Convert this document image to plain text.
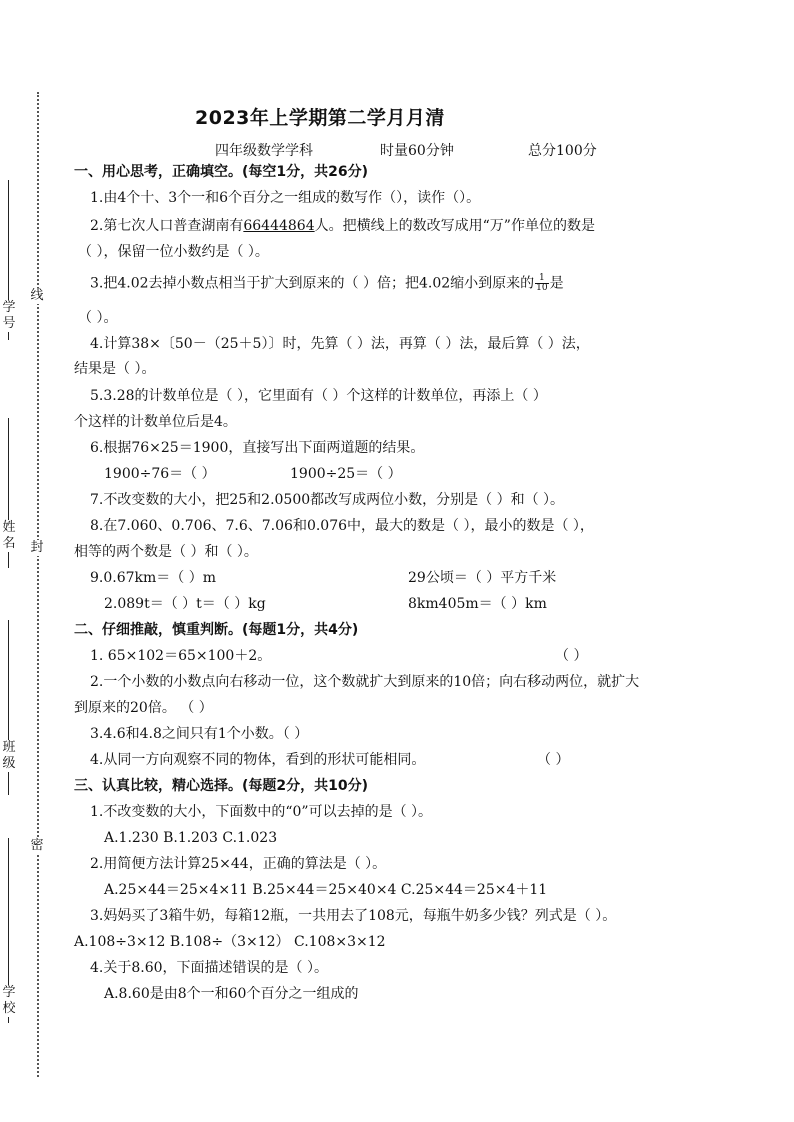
线
封
密
学号
姓名
班级
学校
2023年上学期第二学月月清
四年级数学学科	时量60分钟	总分100分
一、用心思考，正确填空。(每空1分，共26分)
1.由4个十、3个一和6个百分之一组成的数写作（），读作（）。
2.第七次人口普查湖南有66444864人。把横线上的数改写成用“万”作单位的数是
（ ），保留一位小数约是（ ）。
3.把4.02去掉小数点相当于扩大到原来的（ ）倍；把4.02缩小到原来的 $\frac{1}{10}$ 是
（ ）。
4.计算38×〔50－（25＋5）〕时，先算（ ）法，再算（ ）法，最后算（ ）法，
结果是（ ）。
5.3.28的计数单位是（ ），它里面有（ ）个这样的计数单位，再添上（ ）
个这样的计数单位后是4。
6.根据76×25＝1900，直接写出下面两道题的结果。
1900÷76＝（ ）	1900÷25＝（ ）
7.不改变数的大小，把25和2.0500都改写成两位小数，分别是（ ）和（ ）。
8.在7.060、0.706、7.6、7.06和0.076中，最大的数是（ ），最小的数是（ ），
相等的两个数是（ ）和（ ）。
9.0.67km＝（ ）m	29公顷＝（ ）平方千米
2.089t＝（ ）t＝（ ）kg	8km405m＝（ ）km
二、仔细推敲，慎重判断。(每题1分，共4分)
1. 65×102＝65×100＋2。	（ ）
2.一个小数的小数点向右移动一位，这个数就扩大到原来的10倍；向右移动两位，就扩大
到原来的20倍。 （ ）
3.4.6和4.8之间只有1个小数。（ ）
4.从同一方向观察不同的物体，看到的形状可能相同。	（ ）
三、认真比较，精心选择。(每题2分，共10分)
1.不改变数的大小，下面数中的“0”可以去掉的是（ ）。
A.1.230 B.1.203 C.1.023
2.用简便方法计算25×44，正确的算法是（ ）。
A.25×44＝25×4×11 B.25×44＝25×40×4 C.25×44＝25×4＋11
3.妈妈买了3箱牛奶，每箱12瓶，一共用去了108元，每瓶牛奶多少钱？列式是（ ）。
A.108÷3×12 B.108÷（3×12） C.108×3×12
4.关于8.60，下面描述错误的是（ ）。
A.8.60是由8个一和60个百分之一组成的
